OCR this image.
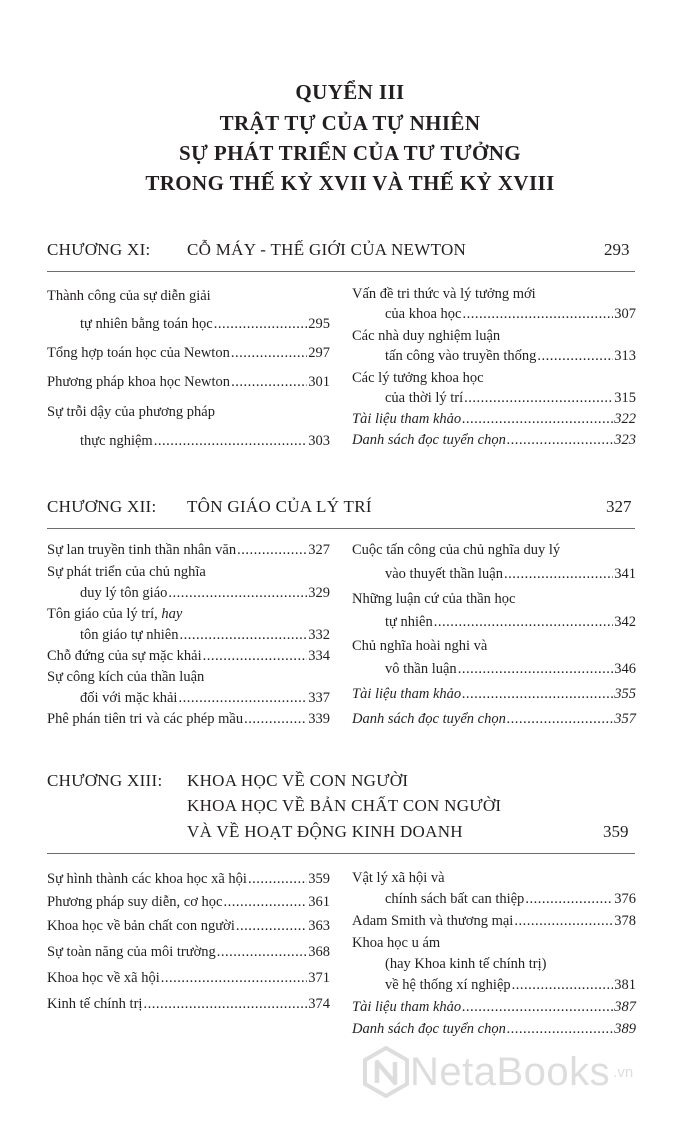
QUYỂN III
TRẬT TỰ CỦA TỰ NHIÊN
SỰ PHÁT TRIỂN CỦA TƯ TƯỞNG
TRONG THẾ KỶ XVII VÀ THẾ KỶ XVIII
CHƯƠNG XI: CỖ MÁY - THẾ GIỚI CỦA NEWTON	293
Thành công của sự diễn giải
tự nhiên bằng toán học .....	295
Tổng hợp toán học của Newton .....	297
Phương pháp khoa học Newton .....	301
Sự trỗi dậy của phương pháp
thực nghiệm .....	303
Vấn đề tri thức và lý tưởng mới
của khoa học .....	307
Các nhà duy nghiệm luận
tấn công vào truyền thống .....	313
Các lý tưởng khoa học
của thời lý trí .....	315
Tài liệu tham khảo .....	322
Danh sách đọc tuyển chọn .....	323
CHƯƠNG XII: TÔN GIÁO CỦA LÝ TRÍ	327
Sự lan truyền tinh thần nhân văn .....	327
Sự phát triển của chủ nghĩa
duy lý tôn giáo .....	329
Tôn giáo của lý trí, hay
tôn giáo tự nhiên .....	332
Chỗ đứng của sự mặc khải .....	334
Sự công kích của thần luận
đối với mặc khải .....	337
Phê phán tiên tri và các phép mầu .....	339
Cuộc tấn công của chủ nghĩa duy lý
vào thuyết thần luận .....	341
Những luận cứ của thần học
tự nhiên .....	342
Chủ nghĩa hoài nghi và
vô thần luận .....	346
Tài liệu tham khảo .....	355
Danh sách đọc tuyển chọn .....	357
CHƯƠNG XIII: KHOA HỌC VỀ CON NGƯỜI
KHOA HỌC VỀ BẢN CHẤT CON NGƯỜI
VÀ VỀ HOẠT ĐỘNG KINH DOANH	359
Sự hình thành các khoa học xã hội .....	359
Phương pháp suy diễn, cơ học .....	361
Khoa học về bản chất con người .....	363
Sự toàn năng của môi trường .....	368
Khoa học về xã hội .....	371
Kinh tế chính trị .....	374
Vật lý xã hội và
chính sách bất can thiệp .....	376
Adam Smith và thương mại .....	378
Khoa học u ám
(hay Khoa kinh tế chính trị)
về hệ thống xí nghiệp .....	381
Tài liệu tham khảo .....	387
Danh sách đọc tuyển chọn .....	389
NetaBooks .vn
